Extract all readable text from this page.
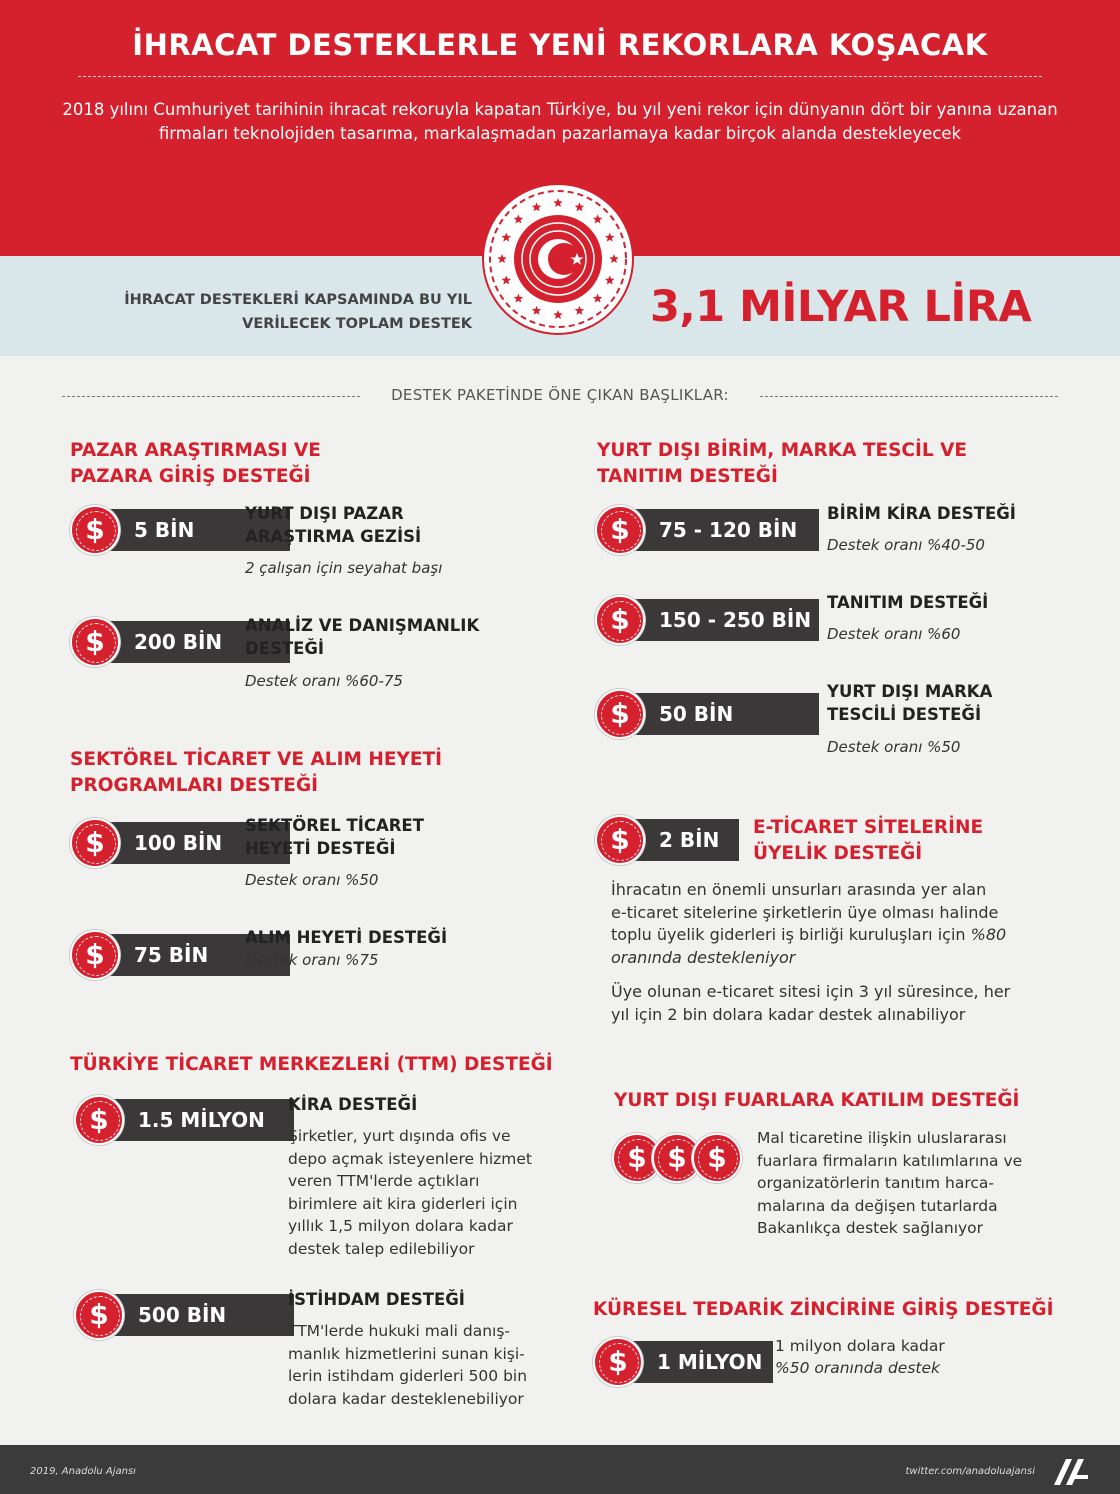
İHRACAT DESTEKLERLE YENİ REKORLARA KOŞACAK
2018 yılını Cumhuriyet tarihinin ihracat rekoruyla kapatan Türkiye, bu yıl yeni rekor için dünyanın dört bir yanına uzanan firmaları teknolojiden tasarıma, markalaşmadan pazarlamaya kadar birçok alanda destekleyecek
İHRACAT DESTEKLERİ KAPSAMINDA BU YIL
VERİLECEK TOPLAM DESTEK	3,1 MİLYAR LİRA
DESTEK PAKETİNDE ÖNE ÇIKAN BAŞLIKLAR:
PAZAR ARAŞTIRMASI VE
PAZARA GİRİŞ DESTEĞİ
5 BİN
$	YURT DIŞI PAZAR
ARAŞTIRMA GEZİSİ
2 çalışan için seyahat başı
200 BİN
$	ANALİZ VE DANIŞMANLIK
DESTEĞİ
Destek oranı %60-75
SEKTÖREL TİCARET VE ALIM HEYETİ
PROGRAMLARI DESTEĞİ
100 BİN
$
SEKTÖREL TİCARET
HEYETİ DESTEĞİ
Destek oranı %50
75 BİN
$
ALIM HEYETİ DESTEĞİ
Destek oranı %75
TÜRKİYE TİCARET MERKEZLERİ (TTM) DESTEĞİ
1.5 MİLYON
$	KİRA DESTEĞİ
Şirketler, yurt dışında ofis ve
depo açmak isteyenlere hizmet
veren TTM'lerde açtıkları
birimlere ait kira giderleri için
yıllık 1,5 milyon dolara kadar
destek talep edilebiliyor
500 BİN
$	İSTİHDAM DESTEĞİ
TTM'lerde hukuki mali danış-
manlık hizmetlerini sunan kişi-
lerin istihdam giderleri 500 bin
dolara kadar desteklenebiliyor
YURT DIŞI BİRİM, MARKA TESCİL VE
TANITIM DESTEĞİ
75 - 120 BİN
$	BİRİM KİRA DESTEĞİ
Destek oranı %40-50
150 - 250 BİN
$
TANITIM DESTEĞİ
Destek oranı %60
50 BİN
$
YURT DIŞI MARKA
TESCİLİ DESTEĞİ
Destek oranı %50
2 BİN
$	E-TİCARET SİTELERİNE
ÜYELİK DESTEĞİ
İhracatın en önemli unsurları arasında yer alan
e-ticaret sitelerine şirketlerin üye olması halinde
toplu üyelik giderleri iş birliği kuruluşları için %80
oranında destekleniyor
Üye olunan e-ticaret sitesi için 3 yıl süresince, her
yıl için 2 bin dolara kadar destek alınabiliyor
YURT DIŞI FUARLARA KATILIM DESTEĞİ
$ $ $
Mal ticaretine ilişkin uluslararası
fuarlara firmaların katılımlarına ve
organizatörlerin tanıtım harca-
malarına da değişen tutarlarda
Bakanlıkça destek sağlanıyor
KÜRESEL TEDARİK ZİNCİRİNE GİRİŞ DESTEĞİ
1 MİLYON
$	1 milyon dolara kadar
%50 oranında destek
2019, Anadolu Ajansı	twitter.com/anadoluajansi
AA
